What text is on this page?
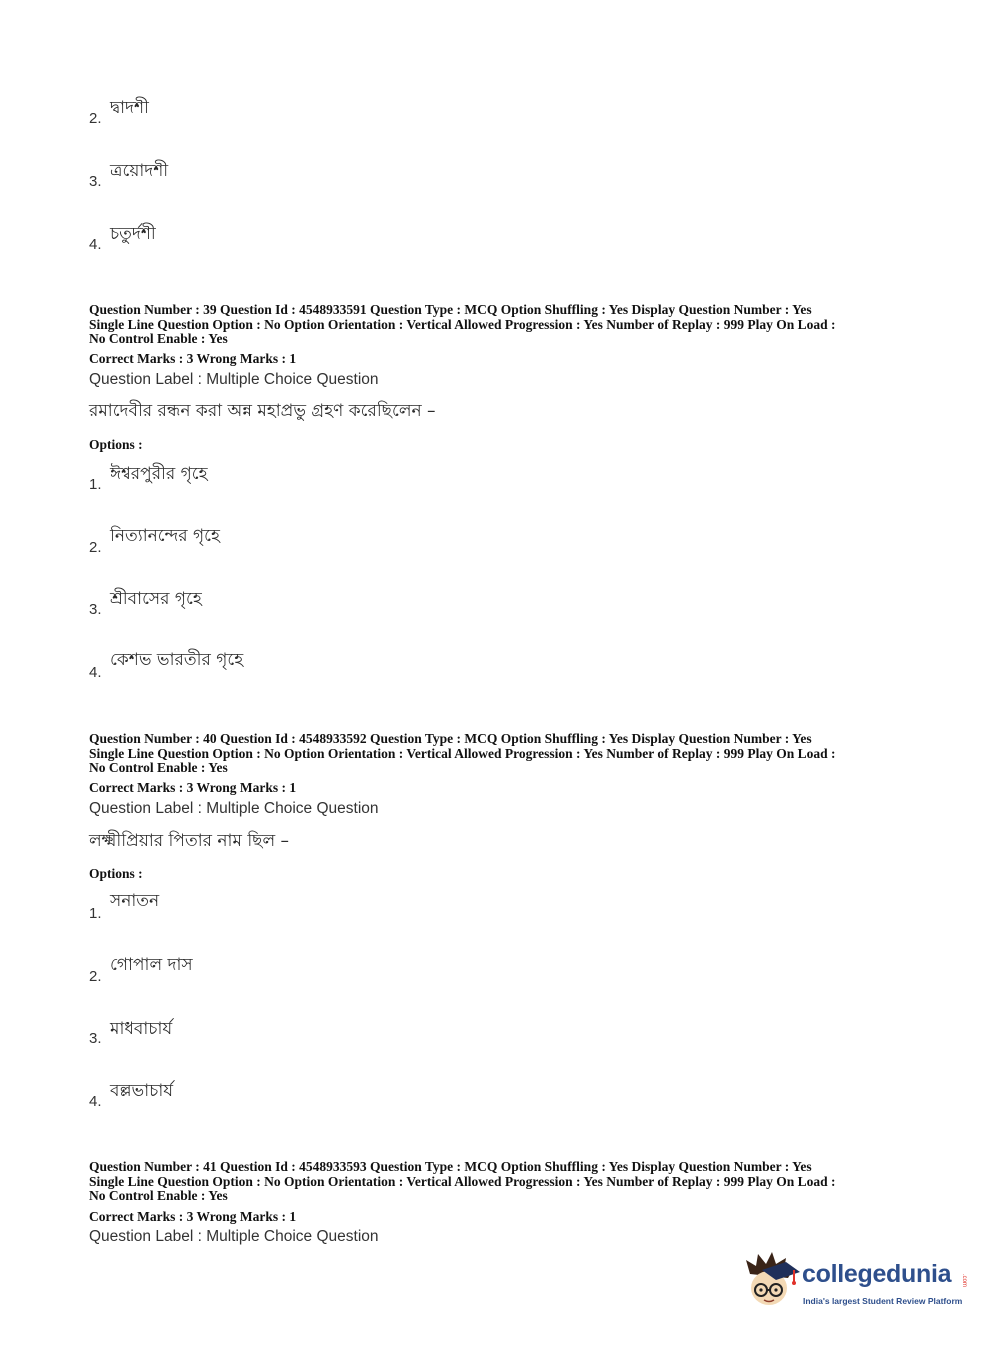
2.
দ্বাদশী
3.
ত্রয়োদশী
4.
চতুর্দশী
Question Number : 39 Question Id : 4548933591 Question Type : MCQ Option Shuffling : Yes Display Question Number : Yes
Single Line Question Option : No Option Orientation : Vertical Allowed Progression : Yes Number of Replay : 999 Play On Load :
No Control Enable : Yes
Correct Marks : 3 Wrong Marks : 1
Question Label : Multiple Choice Question
রমাদেবীর রন্ধন করা অন্ন মহাপ্রভু গ্রহণ করেছিলেন –
Options :
1.
ঈশ্বরপুরীর গৃহে
2.
নিত্যানন্দের গৃহে
3.
শ্রীবাসের গৃহে
4.
কেশভ ভারতীর গৃহে
Question Number : 40 Question Id : 4548933592 Question Type : MCQ Option Shuffling : Yes Display Question Number : Yes
Single Line Question Option : No Option Orientation : Vertical Allowed Progression : Yes Number of Replay : 999 Play On Load :
No Control Enable : Yes
Correct Marks : 3 Wrong Marks : 1
Question Label : Multiple Choice Question
লক্ষ্মীপ্রিয়ার পিতার নাম ছিল –
Options :
1.
সনাতন
2.
গোপাল দাস
3. মাধবাচার্য
4.
বল্লভাচার্য
Question Number : 41 Question Id : 4548933593 Question Type : MCQ Option Shuffling : Yes Display Question Number : Yes
Single Line Question Option : No Option Orientation : Vertical Allowed Progression : Yes Number of Replay : 999 Play On Load :
No Control Enable : Yes
Correct Marks : 3 Wrong Marks : 1
Question Label : Multiple Choice Question
collegedunia .com
India's largest Student Review Platform
